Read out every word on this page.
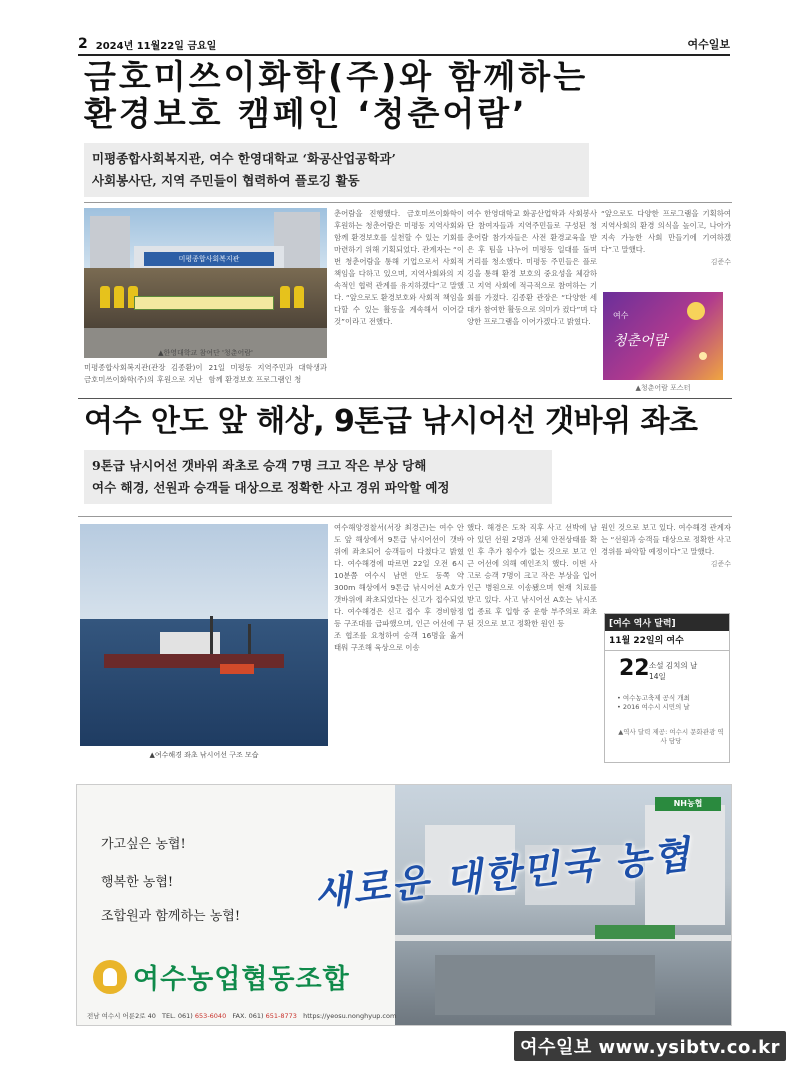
2 2024년 11월22일 금요일	여수일보
금호미쓰이화학(주)와 함께하는
환경보호 캠페인 ‘청춘어람’
미평종합사회복지관, 여수 한영대학교 ‘화공산업공학과’
사회봉사단, 지역 주민들이 협력하여 플로깅 활동
미평종합사회복지관
▲한영대학교 참여단 '청춘어람'
미평종합사회복지관(관장 김종환)이 금호미쓰이화학(주)의 후원으로 지난 21일 미평동 지역주민과 대학생과 함께 환경보호 프로그램인 청
춘어람을 진행했다. 금호미쓰이화학이 후원하는 청춘어람은 미평동 지역사회와 함께 환경보호를 실천할 수 있는 기회를 마련하기 위해 기획되었다. 관계자는 “이번 청춘어람을 통해 기업으로서 사회적 책임을 다하고 있으며, 지역사회와의 지속적인 협력 관계를 유지하겠다”고 말했다. “앞으로도 환경보호와 사회적 책임을 다할 수 있는 활동을 계속해서 이어갈 것”이라고 전했다.
여수 한영대학교 화공산업학과 사회봉사단 참여자들과 지역주민들로 구성된 청춘어람 참가자들은 사전 환경교육을 받은 후 팀을 나누어 미평동 일대를 돌며 거리를 청소했다. 미평동 주민들은 플로깅을 통해 환경 보호의 중요성을 체감하고 지역 사회에 적극적으로 참여하는 기회를 가졌다. 김종환 관장은 “다양한 세대가 참여한 활동으로 의미가 컸다”며 다양한 프로그램을 이어가겠다고 밝혔다.
“앞으로도 다양한 프로그램을 기획하여 지역사회의 환경 의식을 높이고, 나아가 지속 가능한 사회 만들기에 기여하겠다”고 말했다.
김준수
여수
청춘어람
▲청춘어람 포스터
여수 안도 앞 해상, 9톤급 낚시어선 갯바위 좌초
9톤급 낚시어선 갯바위 좌초로 승객 7명 크고 작은 부상 당해
여수 해경, 선원과 승객들 대상으로 정확한 사고 경위 파악할 예정
▲여수해경 좌초 낚시어선 구조 모습
여수해양경찰서(서장 최경근)는 여수 안도 앞 해상에서 9톤급 낚시어선이 갯바위에 좌초되어 승객들이 다쳤다고 밝혔다. 여수해경에 따르면 22일 오전 6시 10분쯤 여수시 남면 안도 동쪽 약 300m 해상에서 9톤급 낚시어선 A호가 갯바위에 좌초되었다는 신고가 접수되었다. 여수해경은 신고 접수 후 경비함정 등 구조대를 급파했으며, 인근 어선에 구조 협조를 요청하여 승객 16명을 옮겨 태워 구조해 육상으로 이송
했다. 해경은 도착 직후 사고 선박에 남아 있던 선원 2명과 선체 안전상태를 확인 후 추가 침수가 없는 것으로 보고 인근 어선에 의해 예인조치 했다. 이번 사고로 승객 7명이 크고 작은 부상을 입어 인근 병원으로 이송됐으며 현재 치료를 받고 있다. 사고 낚시어선 A호는 낚시조업 종료 후 입항 중 운항 부주의로 좌초된 것으로 보고 정확한 원인 등
원인 것으로 보고 있다. 여수해경 관계자는 “선원과 승객들 대상으로 정확한 사고 경위를 파악할 예정이다”고 말했다.
김준수
[여수 역사 달력]
11월 22일의 여수
22 소설 김치의 날
14일
• 여수농고축제 공식 개최
• 2016 여수시 시민의 날
▲역사 달력 제공: 여수시 문화관광 역사 담당
NH농협
가고싶은 농협!
행복한 농협!
조합원과 함께하는 농협!
새로운 대한민국 농협
여수농업협동조합
전남 여수시 어룬2로 40 TEL. 061) 653-6040 FAX. 061) 651-8773 https://yeosu.nonghyup.com
여수일보 www.ysibtv.co.kr
